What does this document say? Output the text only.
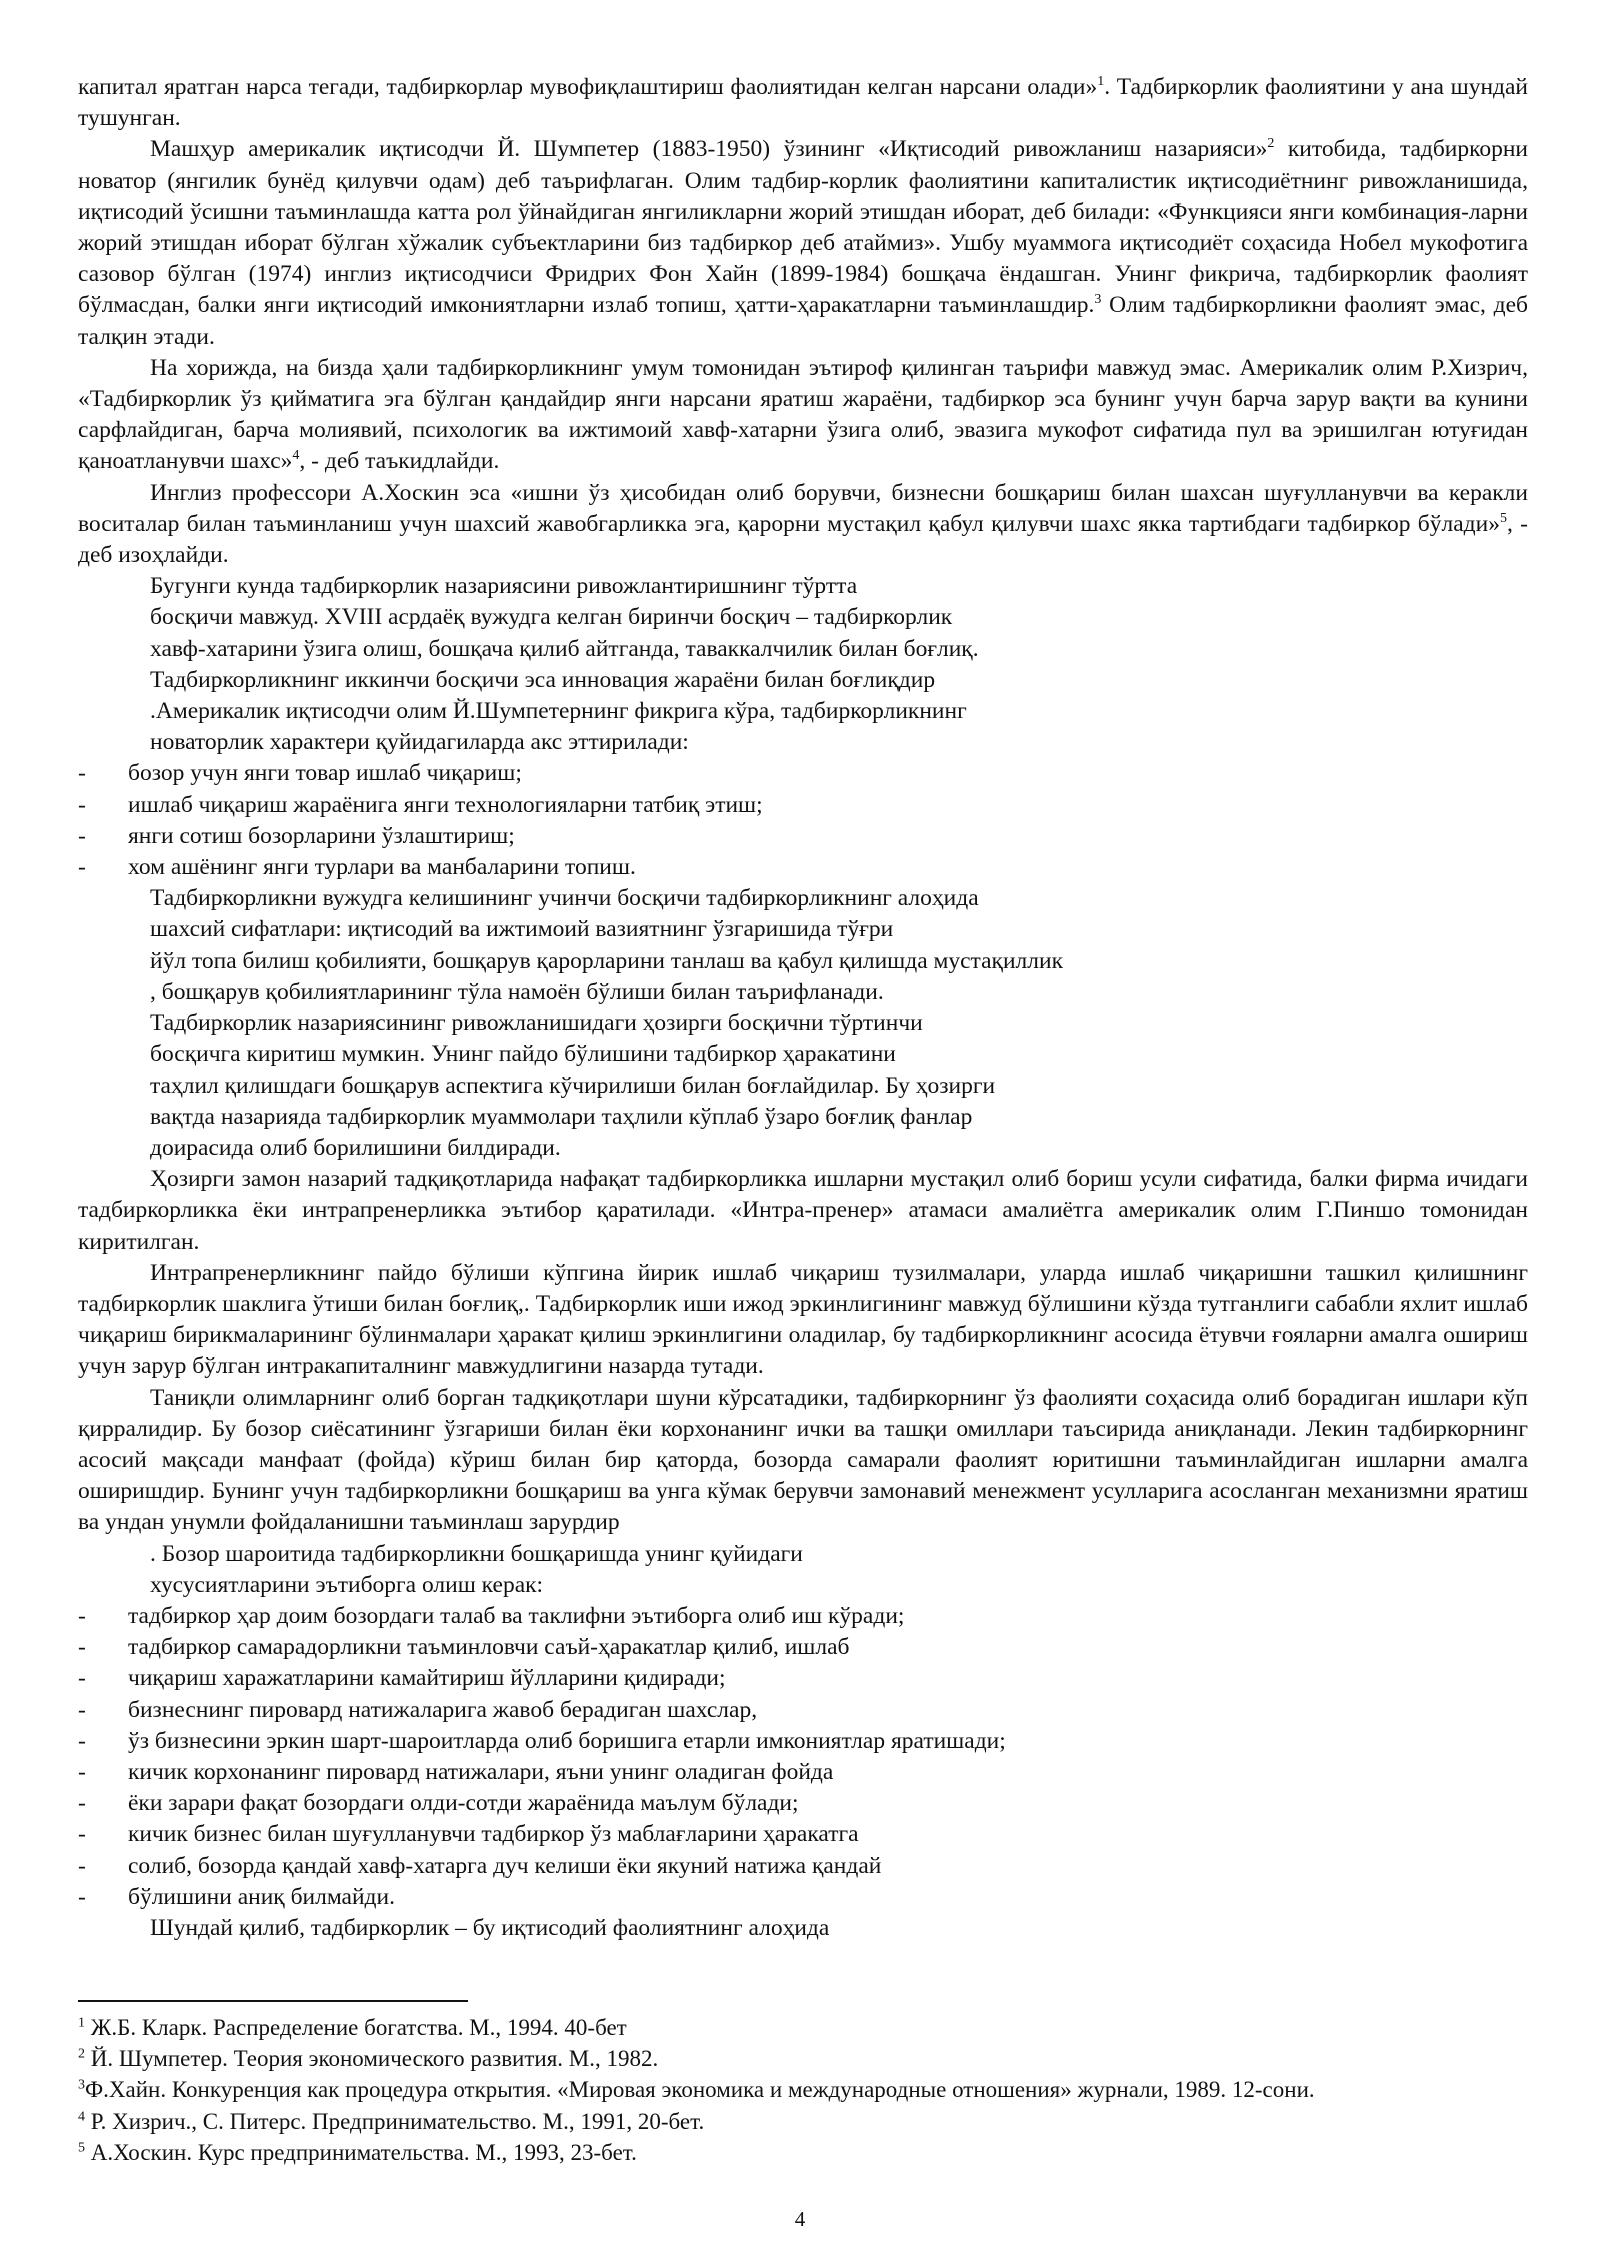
капитал яратган нарса тегади, тадбиркорлар мувофиқлаштириш фаолиятидан келган нарсани олади»$^1$. Тадбиркорлик фаолиятини у ана шундай тушунган.

Машҳур америкалик иқтисодчи Й. Шумпетер (1883-1950) ўзининг «Иқтисодий ривожланиш назарияси»$^2$ китобида, тадбиркорни новатор (янгилик бунёд қилувчи одам) деб таърифлаган. Олим тадбир-корлик фаолиятини капиталистик иқтисодиётнинг ривожланишида, иқтисодий ўсишни таъминлашда катта рол ўйнайдиган янгиликларни жорий этишдан иборат, деб билади: «Функцияси янги комбинация-ларни жорий этишдан иборат бўлган хўжалик субъектларини биз тадбиркор деб атаймиз». Ушбу муаммога иқтисодиёт соҳасида Нобел мукофотига сазовор бўлган (1974) инглиз иқтисодчиси Фридрих Фон Хайн (1899-1984) бошқача ёндашган. Унинг фикрича, тадбиркорлик фаолият бўлмасдан, балки янги иқтисодий имкониятларни излаб топиш, ҳатти-ҳаракатларни таъминлашдир.$^3$ Олим тадбиркорликни фаолият эмас, деб талқин этади.

На хорижда, на бизда ҳали тадбиркорликнинг умум томонидан эътироф қилинган таърифи мавжуд эмас. Америкалик олим Р.Хизрич, «Тадбиркорлик ўз қийматига эга бўлган қандайдир янги нарсани яратиш жараёни, тадбиркор эса бунинг учун барча зарур вақти ва кунини сарфлайдиган, барча молиявий, психологик ва ижтимоий хавф-хатарни ўзига олиб, эвазига мукофот сифатида пул ва эришилган ютуғидан қаноатланувчи шахс»$^4$, - деб таъкидлайди.

Инглиз профессори А.Хоскин эса «ишни ўз ҳисобидан олиб борувчи, бизнесни бошқариш билан шахсан шуғулланувчи ва керакли воситалар билан таъминланиш учун шахсий жавобгарликка эга, қарорни мустақил қабул қилувчи шахс якка тартибдаги тадбиркор бўлади»$^5$, - деб изоҳлайди.

Бугунги кунда тадбиркорлик назариясини ривожлантиришнинг тўртта

босқичи мавжуд. XVIII асрдаёқ вужудга келган биринчи босқич – тадбиркорлик

хавф-хатарини ўзига олиш, бошқача қилиб айтганда, таваккалчилик билан боғлиқ.

Тадбиркорликнинг иккинчи босқичи эса инновация жараёни билан боғлиқдир

.Америкалик иқтисодчи олим Й.Шумпетернинг фикрига кўра, тадбиркорликнинг

новаторлик характери қуйидагиларда акс эттирилади:

-	бозор учун янги товар ишлаб чиқариш;
-	ишлаб чиқариш жараёнига янги технологияларни татбиқ этиш;
-	янги сотиш бозорларини ўзлаштириш;
-	хом ашёнинг янги турлари ва манбаларини топиш.

Тадбиркорликни вужудга келишининг учинчи босқичи тадбиркорликнинг алоҳида

шахсий сифатлари: иқтисодий ва ижтимоий вазиятнинг ўзгаришида тўғри

йўл топа билиш қобилияти, бошқарув қарорларини танлаш ва қабул қилишда мустақиллик

, бошқарув қобилиятларининг тўла намоён бўлиши билан таърифланади.

Тадбиркорлик назариясининг ривожланишидаги ҳозирги босқични тўртинчи

босқичга киритиш мумкин. Унинг пайдо бўлишини тадбиркор ҳаракатини

таҳлил қилишдаги бошқарув аспектига кўчирилиши билан боғлайдилар. Бу ҳозирги

вақтда назарияда тадбиркорлик муаммолари таҳлили кўплаб ўзаро боғлиқ фанлар

доирасида олиб борилишини билдиради.

Ҳозирги замон назарий тадқиқотларида нафақат тадбиркорликка ишларни мустақил олиб бориш усули сифатида, балки фирма ичидаги тадбиркорликка ёки интрапренерликка эътибор қаратилади. «Интра-пренер» атамаси амалиётга америкалик олим Г.Пиншо томонидан киритилган.

Интрапренерликнинг пайдо бўлиши кўпгина йирик ишлаб чиқариш тузилмалари, уларда ишлаб чиқаришни ташкил қилишнинг тадбиркорлик шаклига ўтиши билан боғлиқ,. Тадбиркорлик иши ижод эркинлигининг мавжуд бўлишини кўзда тутганлиги сабабли яхлит ишлаб чиқариш бирикмаларининг бўлинмалари ҳаракат қилиш эркинлигини оладилар, бу тадбиркорликнинг асосида ётувчи ғояларни амалга ошириш учун зарур бўлган интракапиталнинг мавжудлигини назарда тутади.

Таниқли олимларнинг олиб борган тадқиқотлари шуни кўрсатадики, тадбиркорнинг ўз фаолияти соҳасида олиб борадиган ишлари кўп қирралидир. Бу бозор сиёсатининг ўзгариши билан ёки корхонанинг ички ва ташқи омиллари таъсирида аниқланади. Лекин тадбиркорнинг асосий мақсади манфаат (фойда) кўриш билан бир қаторда, бозорда самарали фаолият юритишни таъминлайдиган ишларни амалга оширишдир. Бунинг учун тадбиркорликни бошқариш ва унга кўмак берувчи замонавий менежмент усулларига асосланган механизмни яратиш ва ундан унумли фойдаланишни таъминлаш зарурдир

. Бозор шароитида тадбиркорликни бошқаришда унинг қуйидаги

хусусиятларини эътиборга олиш керак:

-	тадбиркор ҳар доим бозордаги талаб ва таклифни эътиборга олиб иш кўради;
-	тадбиркор самарадорликни таъминловчи саъй-ҳаракатлар қилиб, ишлаб
-	чиқариш харажатларини камайтириш йўлларини қидиради;
-	бизнеснинг пировард натижаларига жавоб берадиган шахслар,
-	ўз бизнесини эркин шарт-шароитларда олиб боришига етарли имкониятлар яратишади;
-	кичик корхонанинг пировард натижалари, яъни унинг оладиган фойда
-	ёки зарари фақат бозордаги олди-сотди жараёнида маълум бўлади;
-	кичик бизнес билан шуғулланувчи тадбиркор ўз маблағларини ҳаракатга
-	солиб, бозорда қандай хавф-хатарга дуч келиши ёки якуний натижа қандай
-	бўлишини аниқ билмайди.

Шундай қилиб, тадбиркорлик – бу иқтисодий фаолиятнинг алоҳида

$^1$ Ж.Б. Кларк. Распределение богатства. М., 1994. 40-бет

$^2$ Й. Шумпетер. Теория экономического развития. М., 1982.

$^3$Ф.Хайн. Конкуренция как процедура открытия. «Мировая экономика и международные отношения» журнали, 1989. 12-сони.

$^4$ Р. Хизрич., С. Питерс. Предпринимательство. М., 1991, 20-бет.

$^5$ А.Хоскин. Курс предпринимательства. М., 1993, 23-бет.

4
